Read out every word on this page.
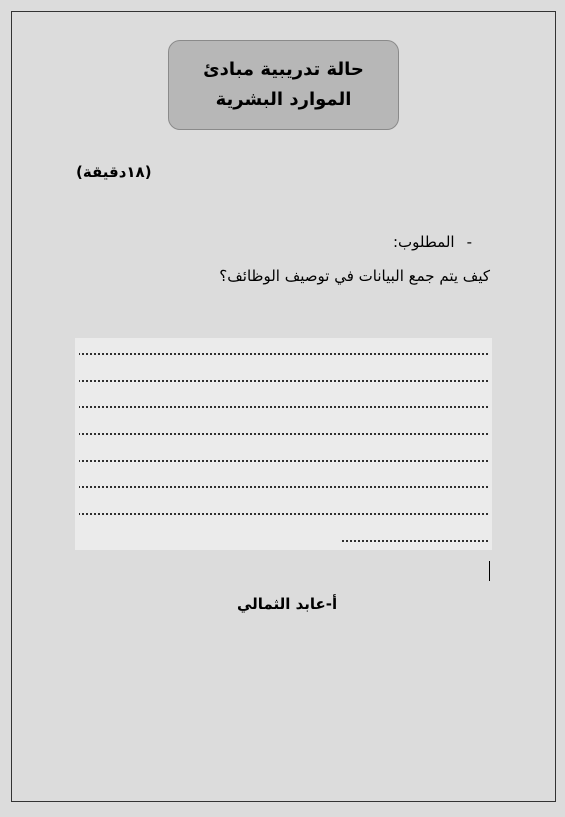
حالة تدريبية مبادئ
الموارد البشرية
(١٨دقيقة)
-المطلوب:
كيف يتم جمع البيانات في توصيف الوظائف؟
أ-عابد الثمالي
